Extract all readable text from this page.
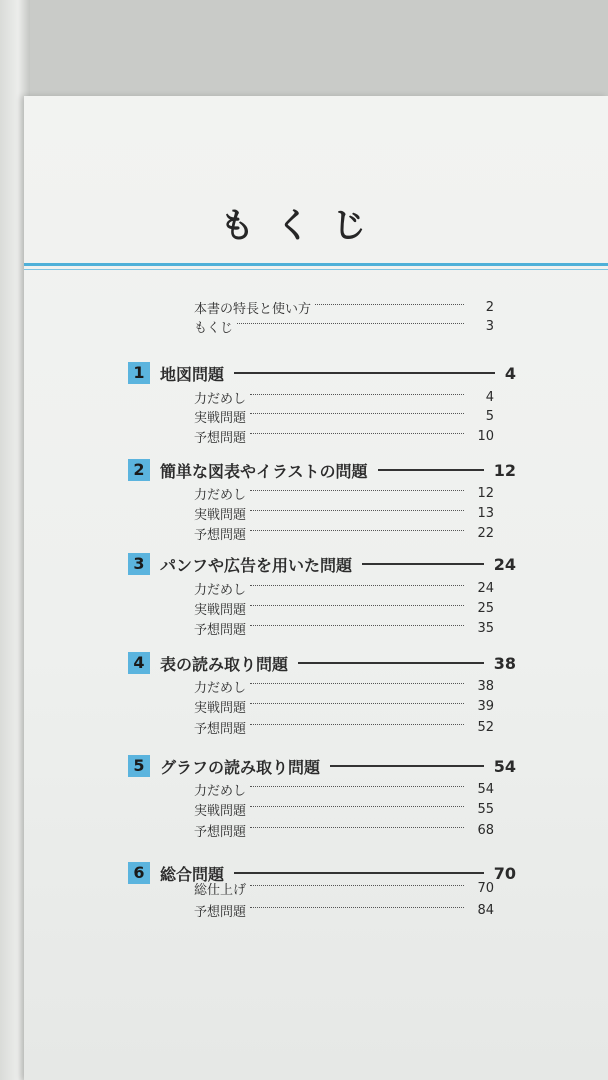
もくじ
本書の特長と使い方	2
もくじ	3
1 地図問題	4
力だめし	4
実戦問題	5
予想問題	10
2 簡単な図表やイラストの問題	12
力だめし	12
実戦問題	13
予想問題	22
3 パンフや広告を用いた問題	24
力だめし	24
実戦問題	25
予想問題	35
4 表の読み取り問題	38
力だめし	38
実戦問題	39
予想問題	52
5 グラフの読み取り問題	54
力だめし	54
実戦問題	55
予想問題	68
6 総合問題	70
総仕上げ	70
予想問題	84
